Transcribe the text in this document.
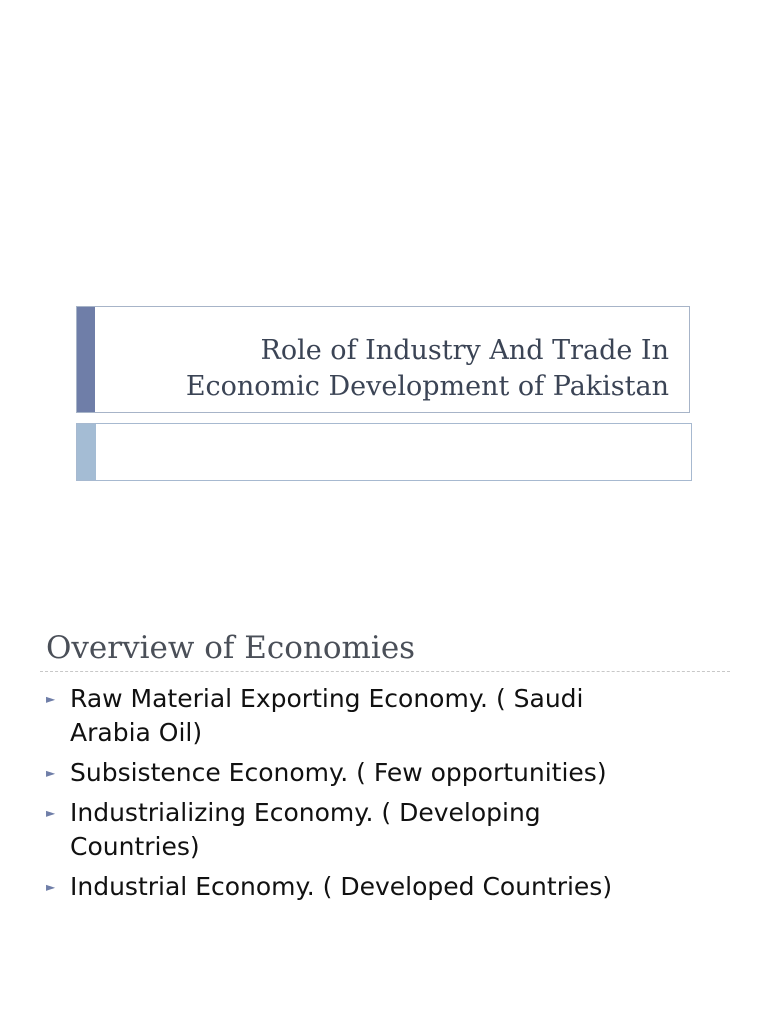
Role of Industry And Trade In
Economic Development of Pakistan
Overview of Economies
► Raw Material Exporting Economy. ( Saudi
Arabia Oil)
► Subsistence Economy. ( Few opportunities)
► Industrializing Economy. ( Developing
Countries)
► Industrial Economy. ( Developed Countries)
